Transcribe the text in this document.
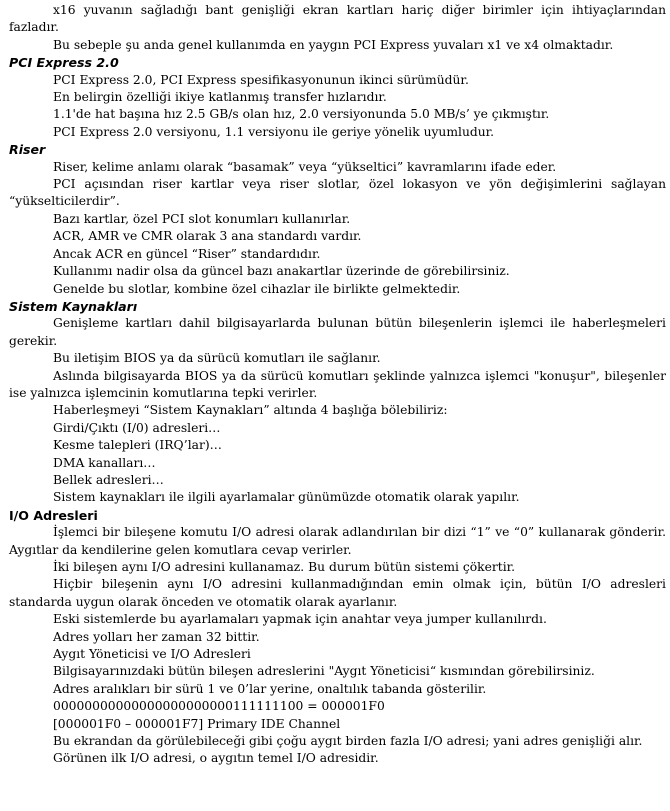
x16 yuvanın sağladığı bant genişliği ekran kartları hariç diğer birimler için ihtiyaçlarından fazladır.

Bu sebeple şu anda genel kullanımda en yaygın PCI Express yuvaları x1 ve x4 olmaktadır.

PCI Express 2.0

PCI Express 2.0, PCI Express spesifikasyonunun ikinci sürümüdür.

En belirgin özelliği ikiye katlanmış transfer hızlarıdır.

1.1'de hat başına hız 2.5 GB/s olan hız, 2.0 versiyonunda 5.0 MB/s’ ye çıkmıştır.

PCI Express 2.0 versiyonu, 1.1 versiyonu ile geriye yönelik uyumludur.

Riser

Riser, kelime anlamı olarak “basamak” veya “yükseltici” kavramlarını ifade eder.

PCI açısından riser kartlar veya riser slotlar, özel lokasyon ve yön değişimlerini sağlayan “yükselticilerdir”.

Bazı kartlar, özel PCI slot konumları kullanırlar.

ACR, AMR ve CMR olarak 3 ana standardı vardır.

Ancak ACR en güncel “Riser” standardıdır.

Kullanımı nadir olsa da güncel bazı anakartlar üzerinde de görebilirsiniz.

Genelde bu slotlar, kombine özel cihazlar ile birlikte gelmektedir.

Sistem Kaynakları

Genişleme kartları dahil bilgisayarlarda bulunan bütün bileşenlerin işlemci ile haberleşmeleri gerekir.

Bu iletişim BIOS ya da sürücü komutları ile sağlanır.

Aslında bilgisayarda BIOS ya da sürücü komutları şeklinde yalnızca işlemci "konuşur", bileşenler ise yalnızca işlemcinin komutlarına tepki verirler.

Haberleşmeyi “Sistem Kaynakları” altında 4 başlığa bölebiliriz:

Girdi/Çıktı (I/0) adresleri…

Kesme talepleri (IRQ’lar)…

DMA kanalları…

Bellek adresleri…

Sistem kaynakları ile ilgili ayarlamalar günümüzde otomatik olarak yapılır.

I/O Adresleri

İşlemci bir bileşene komutu I/O adresi olarak adlandırılan bir dizi “1” ve “0” kullanarak gönderir. Aygıtlar da kendilerine gelen komutlara cevap verirler.

İki bileşen aynı I/O adresini kullanamaz. Bu durum bütün sistemi çökertir.

Hiçbir bileşenin aynı I/O adresini kullanmadığından emin olmak için, bütün I/O adresleri standarda uygun olarak önceden ve otomatik olarak ayarlanır.

Eski sistemlerde bu ayarlamaları yapmak için anahtar veya jumper kullanılırdı.

Adres yolları her zaman 32 bittir.

Aygıt Yöneticisi ve I/O Adresleri

Bilgisayarınızdaki bütün bileşen adreslerini "Aygıt Yöneticisi“ kısmından görebilirsiniz.

Adres aralıkları bir sürü 1 ve 0’lar yerine, onaltılık tabanda gösterilir.

00000000000000000000000111111100 = 000001F0

[000001F0 – 000001F7] Primary IDE Channel

Bu ekrandan da görülebileceği gibi çoğu aygıt birden fazla I/O adresi; yani adres genişliği alır.

Görünen ilk I/O adresi, o aygıtın temel I/O adresidir.
